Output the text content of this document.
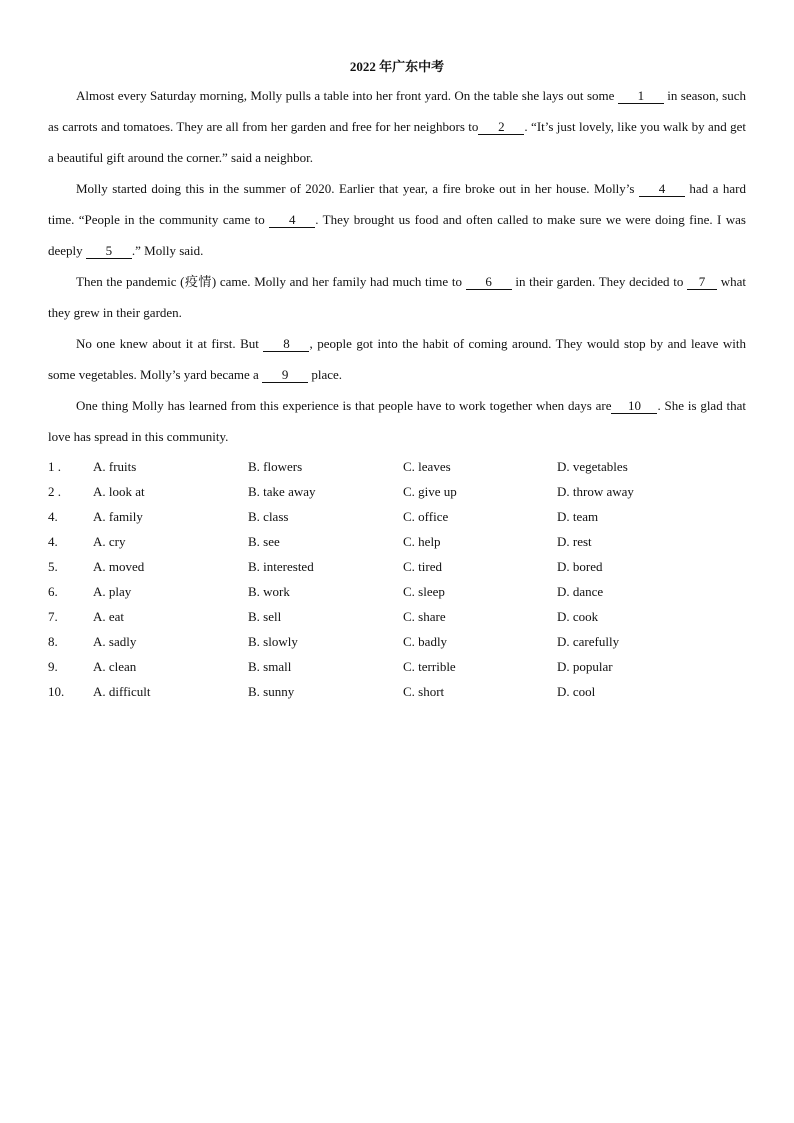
2022 年广东中考

Almost every Saturday morning, Molly pulls a table into her front yard. On the table she lays out some 1 in season, such as carrots and tomatoes. They are all from her garden and free for her neighbors to 2 . “It’s just lovely, like you walk by and get a beautiful gift around the corner.” said a neighbor.

Molly started doing this in the summer of 2020. Earlier that year, a fire broke out in her house. Molly’s 4 had a hard time. “People in the community came to 4 . They brought us food and often called to make sure we were doing fine. I was deeply 5 .” Molly said.

Then the pandemic (疫情) came. Molly and her family had much time to 6 in their garden. They decided to 7 what they grew in their garden.

No one knew about it at first. But 8 , people got into the habit of coming around. They would stop by and leave with some vegetables. Molly’s yard became a 9 place.

One thing Molly has learned from this experience is that people have to work together when days are 10 . She is glad that love has spread in this community.

1 . A. fruits	B. flowers	C. leaves	D. vegetables
2 . A. look at	B. take away	C. give up	D. throw away
4.	A. family	B. class	C. office	D. team
4.	A. cry	B. see	C. help	D. rest
5.	A. moved	B. interested	C. tired	D. bored
6.	A. play	B. work	C. sleep	D. dance
7.	A. eat	B. sell	C. share	D. cook
8.	A. sadly	B. slowly	C. badly	D. carefully
9.	A. clean	B. small	C. terrible	D. popular
10. A. difficult	B. sunny	C. short	D. cool
